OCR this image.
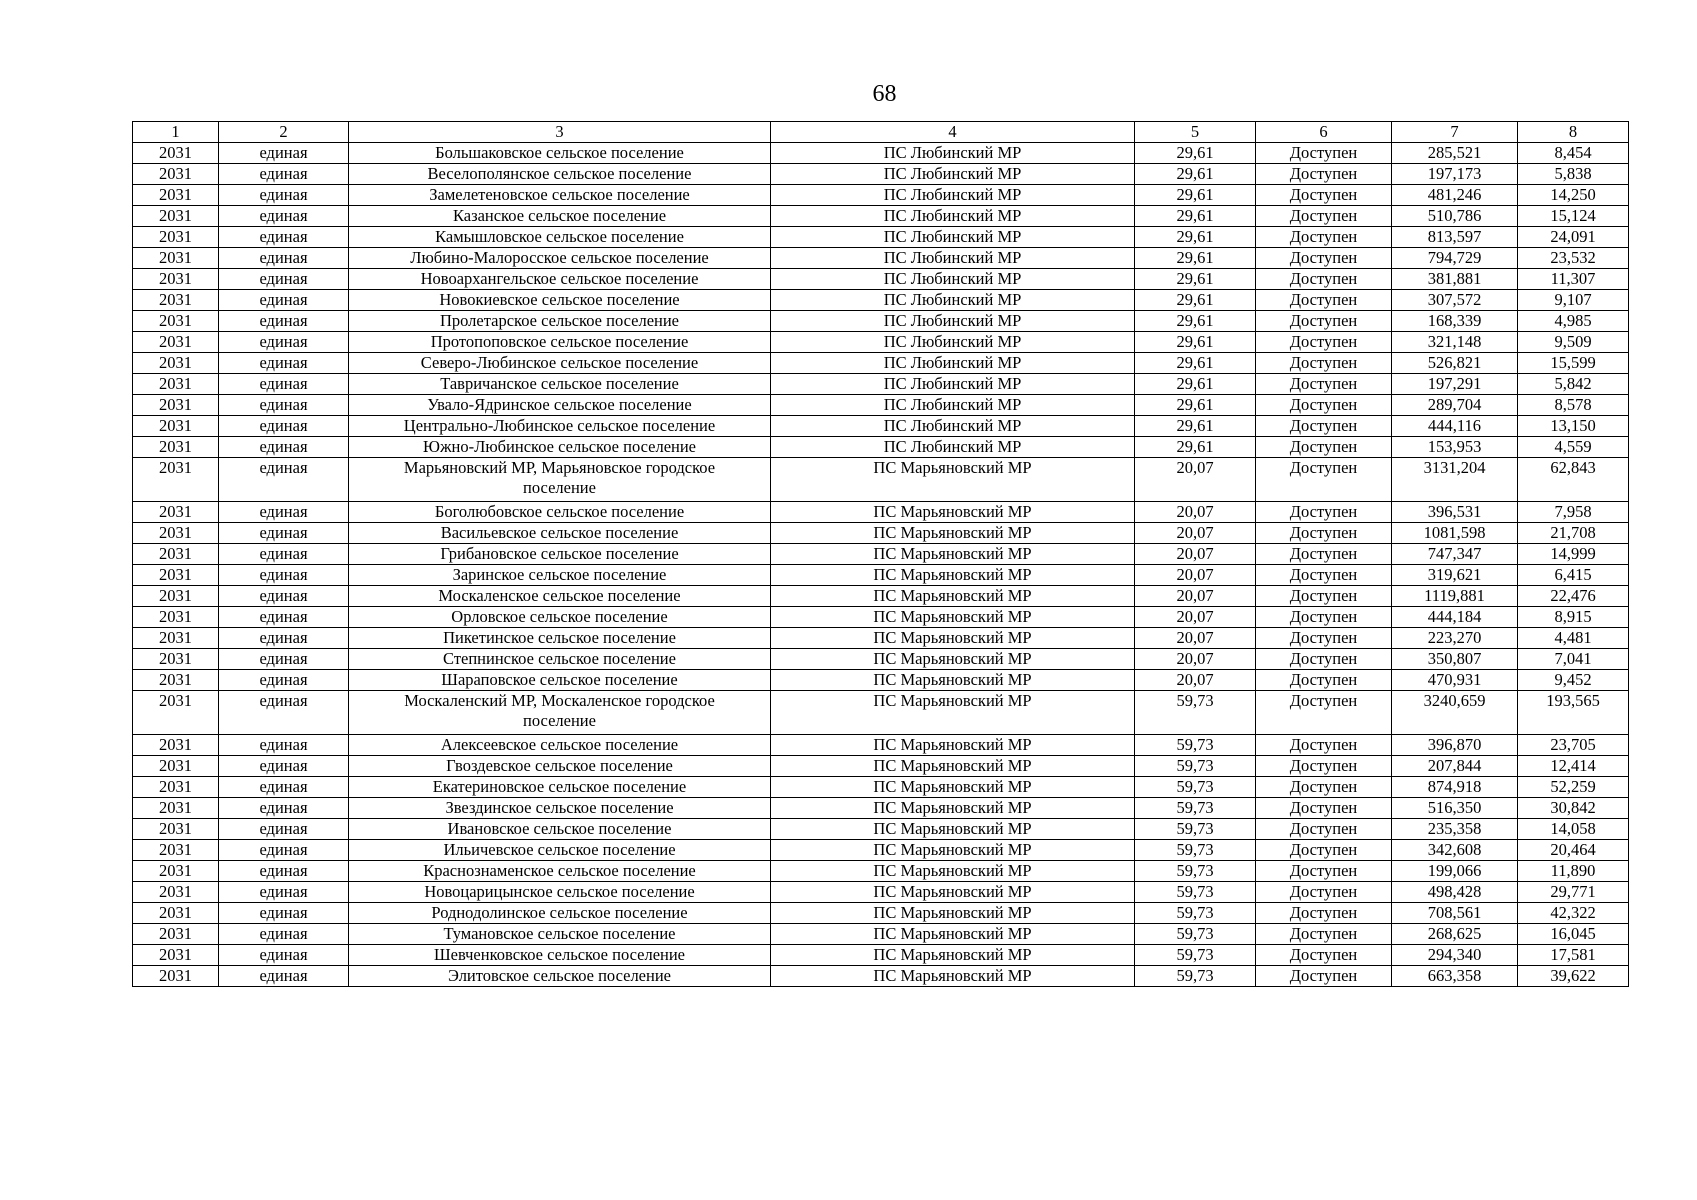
68
1	2	3	4	5	6	7	8
2031	единая	Большаковское сельское поселение	ПС Любинский МР	29,61	Доступен	285,521	8,454
2031	единая	Веселополянское сельское поселение	ПС Любинский МР	29,61	Доступен	197,173	5,838
2031	единая	Замелетеновское сельское поселение	ПС Любинский МР	29,61	Доступен	481,246	14,250
2031	единая	Казанское сельское поселение	ПС Любинский МР	29,61	Доступен	510,786	15,124
2031	единая	Камышловское сельское поселение	ПС Любинский МР	29,61	Доступен	813,597	24,091
2031	единая	Любино-Малоросское сельское поселение	ПС Любинский МР	29,61	Доступен	794,729	23,532
2031	единая	Новоархангельское сельское поселение	ПС Любинский МР	29,61	Доступен	381,881	11,307
2031	единая	Новокиевское сельское поселение	ПС Любинский МР	29,61	Доступен	307,572	9,107
2031	единая	Пролетарское сельское поселение	ПС Любинский МР	29,61	Доступен	168,339	4,985
2031	единая	Протопоповское сельское поселение	ПС Любинский МР	29,61	Доступен	321,148	9,509
2031	единая	Северо-Любинское сельское поселение	ПС Любинский МР	29,61	Доступен	526,821	15,599
2031	единая	Тавричанское сельское поселение	ПС Любинский МР	29,61	Доступен	197,291	5,842
2031	единая	Увало-Ядринское сельское поселение	ПС Любинский МР	29,61	Доступен	289,704	8,578
2031	единая	Центрально-Любинское сельское поселение	ПС Любинский МР	29,61	Доступен	444,116	13,150
2031	единая	Южно-Любинское сельское поселение	ПС Любинский МР	29,61	Доступен	153,953	4,559
2031	единая	Марьяновский МР, Марьяновское городское поселение	ПС Марьяновский МР	20,07	Доступен	3131,204	62,843
2031	единая	Боголюбовское сельское поселение	ПС Марьяновский МР	20,07	Доступен	396,531	7,958
2031	единая	Васильевское сельское поселение	ПС Марьяновский МР	20,07	Доступен	1081,598	21,708
2031	единая	Грибановское сельское поселение	ПС Марьяновский МР	20,07	Доступен	747,347	14,999
2031	единая	Заринское сельское поселение	ПС Марьяновский МР	20,07	Доступен	319,621	6,415
2031	единая	Москаленское сельское поселение	ПС Марьяновский МР	20,07	Доступен	1119,881	22,476
2031	единая	Орловское сельское поселение	ПС Марьяновский МР	20,07	Доступен	444,184	8,915
2031	единая	Пикетинское сельское поселение	ПС Марьяновский МР	20,07	Доступен	223,270	4,481
2031	единая	Степнинское сельское поселение	ПС Марьяновский МР	20,07	Доступен	350,807	7,041
2031	единая	Шараповское сельское поселение	ПС Марьяновский МР	20,07	Доступен	470,931	9,452
2031	единая	Москаленский МР, Москаленское городское поселение	ПС Марьяновский МР	59,73	Доступен	3240,659	193,565
2031	единая	Алексеевское сельское поселение	ПС Марьяновский МР	59,73	Доступен	396,870	23,705
2031	единая	Гвоздевское сельское поселение	ПС Марьяновский МР	59,73	Доступен	207,844	12,414
2031	единая	Екатериновское сельское поселение	ПС Марьяновский МР	59,73	Доступен	874,918	52,259
2031	единая	Звездинское сельское поселение	ПС Марьяновский МР	59,73	Доступен	516,350	30,842
2031	единая	Ивановское сельское поселение	ПС Марьяновский МР	59,73	Доступен	235,358	14,058
2031	единая	Ильичевское сельское поселение	ПС Марьяновский МР	59,73	Доступен	342,608	20,464
2031	единая	Краснознаменское сельское поселение	ПС Марьяновский МР	59,73	Доступен	199,066	11,890
2031	единая	Новоцарицынское сельское поселение	ПС Марьяновский МР	59,73	Доступен	498,428	29,771
2031	единая	Роднодолинское сельское поселение	ПС Марьяновский МР	59,73	Доступен	708,561	42,322
2031	единая	Тумановское сельское поселение	ПС Марьяновский МР	59,73	Доступен	268,625	16,045
2031	единая	Шевченковское сельское поселение	ПС Марьяновский МР	59,73	Доступен	294,340	17,581
2031	единая	Элитовское сельское поселение	ПС Марьяновский МР	59,73	Доступен	663,358	39,622
